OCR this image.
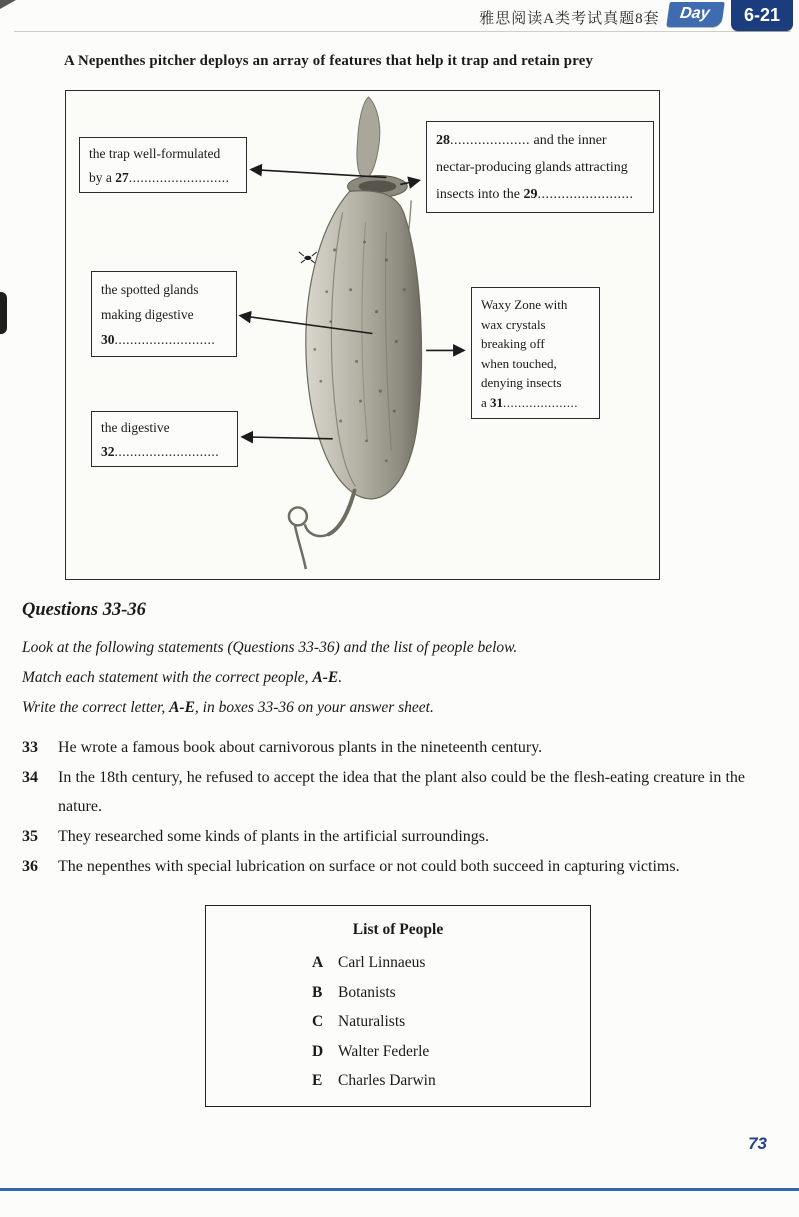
雅思阅读A类考试真题8套	Day	6-21
A Nepenthes pitcher deploys an array of features that help it trap and retain prey
the trap well-formulated
by a 27..........................
28.................... and the inner
nectar-producing glands attracting
insects into the 29........................
the spotted glands
making digestive
30..........................
Waxy Zone with
wax crystals
breaking off
when touched,
denying insects
a 31....................
the digestive
32...........................
Questions 33-36
Look at the following statements (Questions 33-36) and the list of people below.
Match each statement with the correct people, A-E.
Write the correct letter, A-E, in boxes 33-36 on your answer sheet.
33	He wrote a famous book about carnivorous plants in the nineteenth century.
34	In the 18th century, he refused to accept the idea that the plant also could be the flesh-eating creature in the nature.
35	They researched some kinds of plants in the artificial surroundings.
36	The nepenthes with special lubrication on surface or not could both succeed in capturing victims.
List of People
A Carl Linnaeus
B Botanists
C Naturalists
D Walter Federle
E Charles Darwin
73
